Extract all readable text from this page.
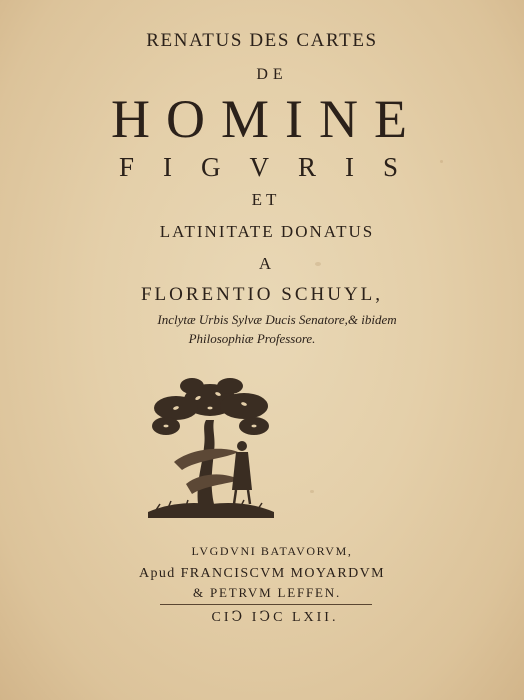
RENATUS DES CARTES
DE
HOMINE
FIGVRIS
ET
LATINITATE DONATUS
A
FLORENTIO SCHUYL,
Inclytæ Urbis Sylvæ Ducis Senatore,& ibidem
Philosophiæ Professore.
LVGDVNI BATAVORVM,
Apud FRANCISCVM MOYARDVM
& PETRVM LEFFEN.
CIↃ IↃC LXII.
